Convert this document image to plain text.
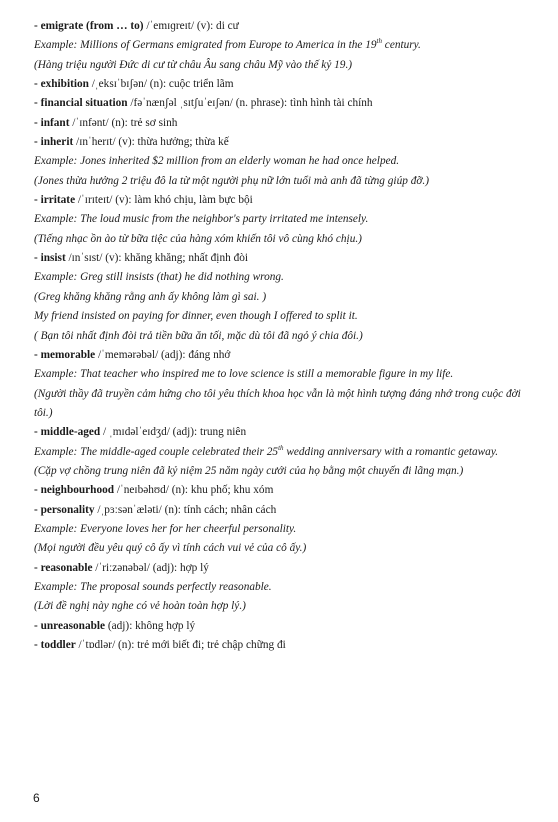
- emigrate (from … to) /ˈemɪɡreɪt/ (v): di cư
Example: Millions of Germans emigrated from Europe to America in the 19th century.
(Hàng triệu người Đức di cư từ châu Âu sang châu Mỹ vào thế kỷ 19.)
- exhibition /ˌeksɪˈbɪʃən/ (n): cuộc triển lãm
- financial situation /fəˈnænʃəl ˌsɪtʃuˈeɪʃən/ (n. phrase): tình hình tài chính
- infant /ˈɪnfənt/ (n): trẻ sơ sinh
- inherit /ɪnˈherɪt/ (v): thừa hưởng; thừa kế
Example: Jones inherited $2 million from an elderly woman he had once helped.
(Jones thừa hưởng 2 triệu đô la từ một người phụ nữ lớn tuổi mà anh đã từng giúp đỡ.)
- irritate /ˈɪrɪteɪt/ (v): làm khó chịu, làm bực bội
Example: The loud music from the neighbor's party irritated me intensely.
(Tiếng nhạc ồn ào từ bữa tiệc của hàng xóm khiến tôi vô cùng khó chịu.)
- insist /ɪnˈsɪst/ (v): khăng khăng; nhất định đòi
Example: Greg still insists (that) he did nothing wrong.
(Greg khăng khăng rằng anh ấy không làm gì sai. )
My friend insisted on paying for dinner, even though I offered to split it.
( Bạn tôi nhất định đòi trả tiền bữa ăn tối, mặc dù tôi đã ngỏ ý chia đôi.)
- memorable /ˈmemərəbəl/ (adj): đáng nhớ
Example: That teacher who inspired me to love science is still a memorable figure in my life.
(Người thầy đã truyền cảm hứng cho tôi yêu thích khoa học vẫn là một hình tượng đáng nhớ trong cuộc đời tôi.)
- middle-aged / ˌmɪdəlˈeɪdʒd/ (adj): trung niên
Example: The middle-aged couple celebrated their 25th wedding anniversary with a romantic getaway.
(Cặp vợ chồng trung niên đã kỷ niệm 25 năm ngày cưới của họ bằng một chuyến đi lãng mạn.)
- neighbourhood /ˈneɪbəhʊd/ (n): khu phố; khu xóm
- personality /ˌpɜːsənˈæləti/ (n): tính cách; nhân cách
Example: Everyone loves her for her cheerful personality.
(Mọi người đều yêu quý cô ấy vì tính cách vui vẻ của cô ấy.)
- reasonable /ˈriːzənəbəl/ (adj): hợp lý
Example: The proposal sounds perfectly reasonable.
(Lời đề nghị này nghe có vẻ hoàn toàn hợp lý.)
- unreasonable (adj): không hợp lý
- toddler /ˈtɒdlər/ (n): trẻ mới biết đi; trẻ chập chững đi
6
